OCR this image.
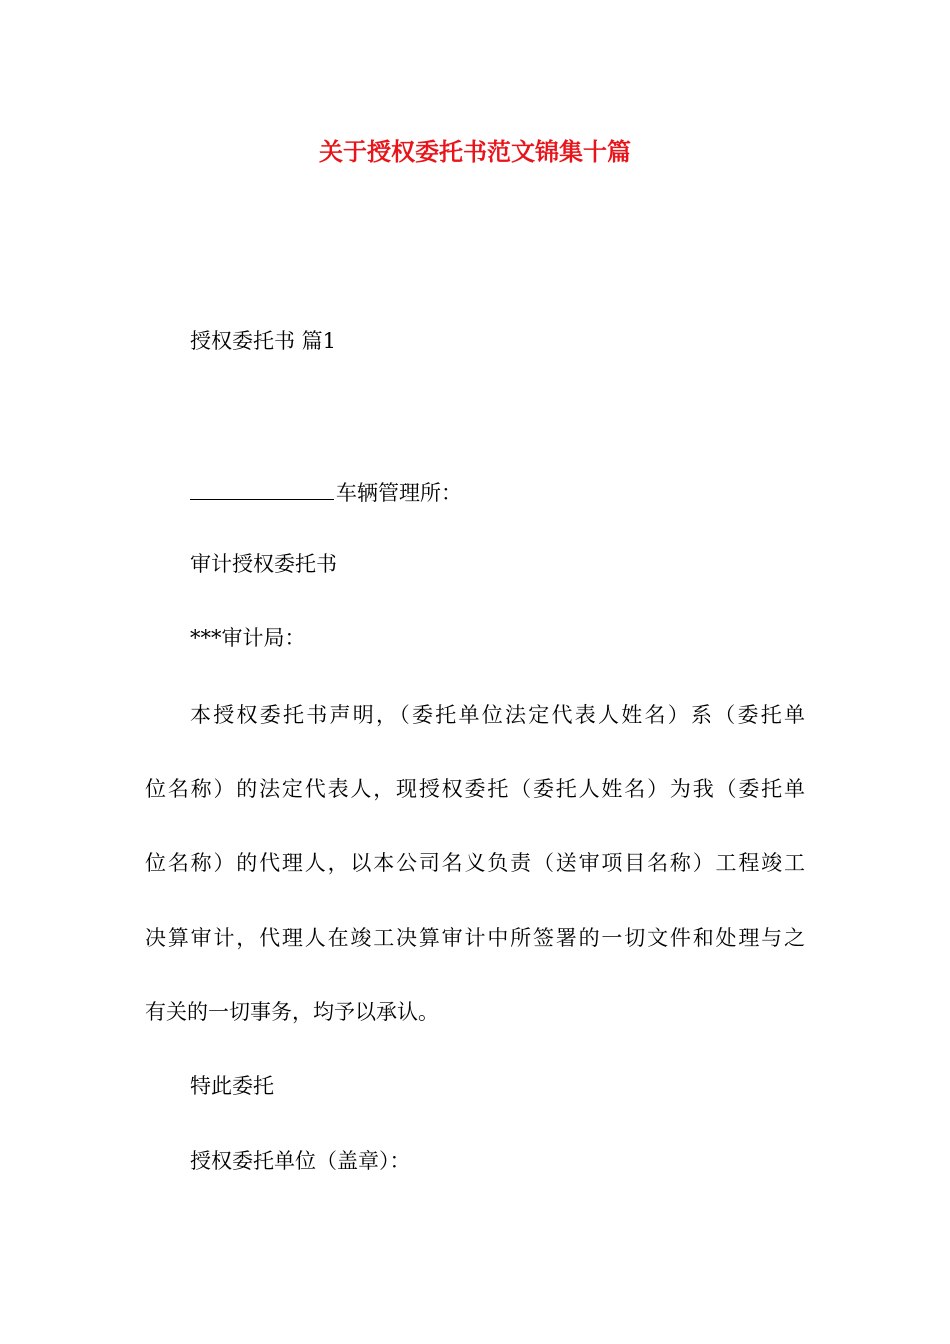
关于授权委托书范文锦集十篇
授权委托书 篇1
车辆管理所：
审计授权委托书
***审计局：
本授权委托书声明，（委托单位法定代表人姓名）系（委托单
位名称）的法定代表人，现授权委托（委托人姓名）为我（委托单
位名称）的代理人，以本公司名义负责（送审项目名称）工程竣工
决算审计，代理人在竣工决算审计中所签署的一切文件和处理与之
有关的一切事务，均予以承认。
特此委托
授权委托单位（盖章）：
